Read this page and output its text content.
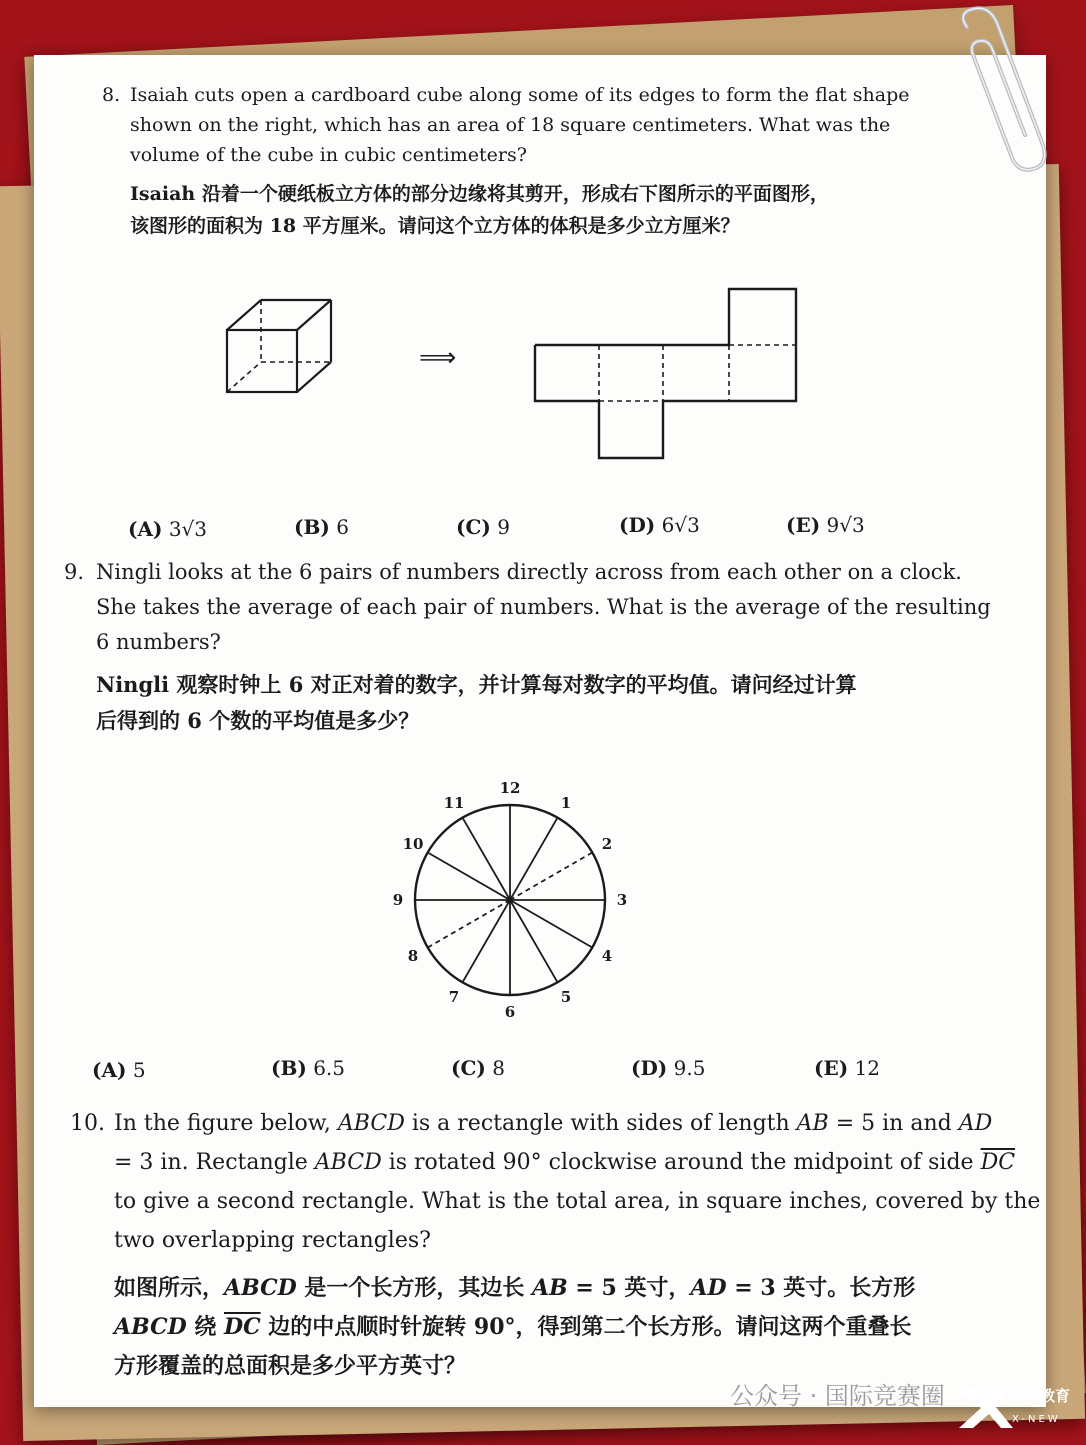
8. Isaiah cuts open a cardboard cube along some of its edges to form the flat shape
shown on the right, which has an area of 18 square centimeters. What was the
volume of the cube in cubic centimeters?
Isaiah 沿着一个硬纸板立方体的部分边缘将其剪开，形成右下图所示的平面图形，
该图形的面积为 18 平方厘米。请问这个立方体的体积是多少立方厘米？
⟹
(A) 3√3	(B) 6	(C) 9	(D) 6√3	(E) 9√3
9. Ningli looks at the 6 pairs of numbers directly across from each other on a clock.
She takes the average of each pair of numbers. What is the average of the resulting
6 numbers?
Ningli 观察时钟上 6 对正对着的数字，并计算每对数字的平均值。请问经过计算
后得到的 6 个数的平均值是多少？
12
1
2
3
4
5
6
7
8
9
10
11
(A) 5	(B) 6.5	(C) 8	(D) 9.5	(E) 12
10. In the figure below, ABCD is a rectangle with sides of length AB = 5 in and AD
= 3 in. Rectangle ABCD is rotated 90° clockwise around the midpoint of side $\overline{DC}$
to give a second rectangle. What is the total area, in square inches, covered by the
two overlapping rectangles?
如图所示，ABCD 是一个长方形，其边长 AB = 5 英寸，AD = 3 英寸。长方形
ABCD 绕 $\overline{DC}$ 边的中点顺时针旋转 90°，得到第二个长方形。请问这两个重叠长
方形覆盖的总面积是多少平方英寸？
公众号 · 国际竞赛圈	犀牛教育
X-NEW
